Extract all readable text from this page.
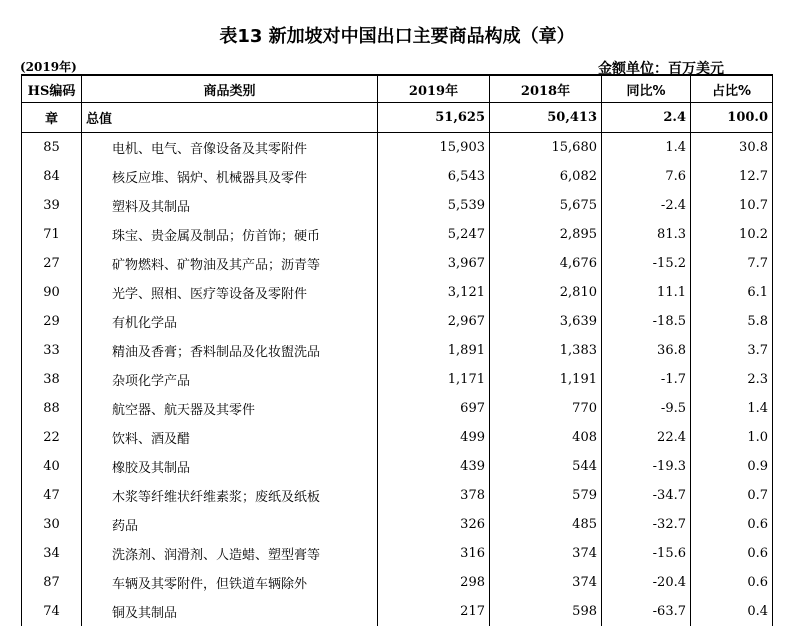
表13 新加坡对中国出口主要商品构成（章）
(2019年)	金额单位：百万美元
HS编码	商品类别	2019年	2018年	同比%	占比%
章	总值	51,625	50,413	2.4	100.0
85	电机、电气、音像设备及其零附件	15,903	15,680	1.4	30.8
84	核反应堆、锅炉、机械器具及零件	6,543	6,082	7.6	12.7
39	塑料及其制品	5,539	5,675	-2.4	10.7
71	珠宝、贵金属及制品；仿首饰；硬币	5,247	2,895	81.3	10.2
27	矿物燃料、矿物油及其产品；沥青等	3,967	4,676	-15.2	7.7
90	光学、照相、医疗等设备及零附件	3,121	2,810	11.1	6.1
29	有机化学品	2,967	3,639	-18.5	5.8
33	精油及香膏；香料制品及化妆盥洗品	1,891	1,383	36.8	3.7
38	杂项化学产品	1,171	1,191	-1.7	2.3
88	航空器、航天器及其零件	697	770	-9.5	1.4
22	饮料、酒及醋	499	408	22.4	1.0
40	橡胶及其制品	439	544	-19.3	0.9
47	木浆等纤维状纤维素浆；废纸及纸板	378	579	-34.7	0.7
30	药品	326	485	-32.7	0.6
34	洗涤剂、润滑剂、人造蜡、塑型膏等	316	374	-15.6	0.6
87	车辆及其零附件，但铁道车辆除外	298	374	-20.4	0.6
74	铜及其制品	217	598	-63.7	0.4
